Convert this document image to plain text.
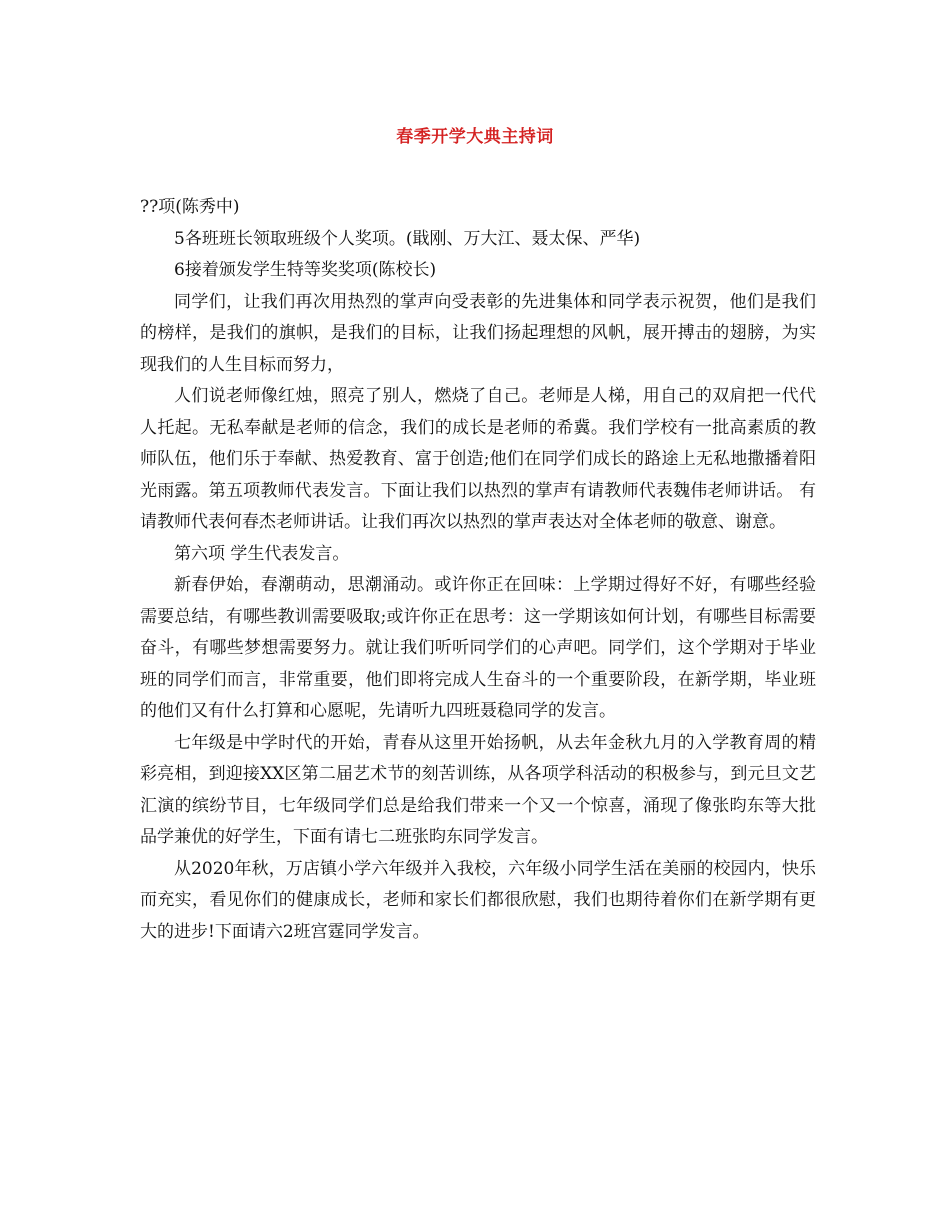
春季开学大典主持词

??项(陈秀中)

5各班班长领取班级个人奖项。(戢刚、万大江、聂太保、严华)

6接着颁发学生特等奖奖项(陈校长)

同学们，让我们再次用热烈的掌声向受表彰的先进集体和同学表示祝贺，他们是我们的榜样，是我们的旗帜，是我们的目标，让我们扬起理想的风帆，展开搏击的翅膀，为实现我们的人生目标而努力，

人们说老师像红烛，照亮了别人，燃烧了自己。老师是人梯，用自己的双肩把一代代人托起。无私奉献是老师的信念，我们的成长是老师的希冀。我们学校有一批高素质的教师队伍，他们乐于奉献、热爱教育、富于创造;他们在同学们成长的路途上无私地撒播着阳光雨露。第五项教师代表发言。下面让我们以热烈的掌声有请教师代表魏伟老师讲话。 有请教师代表何春杰老师讲话。让我们再次以热烈的掌声表达对全体老师的敬意、谢意。

第六项 学生代表发言。

新春伊始，春潮萌动，思潮涌动。或许你正在回味：上学期过得好不好，有哪些经验需要总结，有哪些教训需要吸取;或许你正在思考：这一学期该如何计划，有哪些目标需要奋斗，有哪些梦想需要努力。就让我们听听同学们的心声吧。同学们，这个学期对于毕业班的同学们而言，非常重要，他们即将完成人生奋斗的一个重要阶段，在新学期，毕业班的他们又有什么打算和心愿呢，先请听九四班聂稳同学的发言。

七年级是中学时代的开始，青春从这里开始扬帆，从去年金秋九月的入学教育周的精彩亮相，到迎接XX区第二届艺术节的刻苦训练，从各项学科活动的积极参与，到元旦文艺汇演的缤纷节目，七年级同学们总是给我们带来一个又一个惊喜，涌现了像张昀东等大批品学兼优的好学生，下面有请七二班张昀东同学发言。

从2020年秋，万店镇小学六年级并入我校，六年级小同学生活在美丽的校园内，快乐而充实，看见你们的健康成长，老师和家长们都很欣慰，我们也期待着你们在新学期有更大的进步!下面请六2班宫霆同学发言。
